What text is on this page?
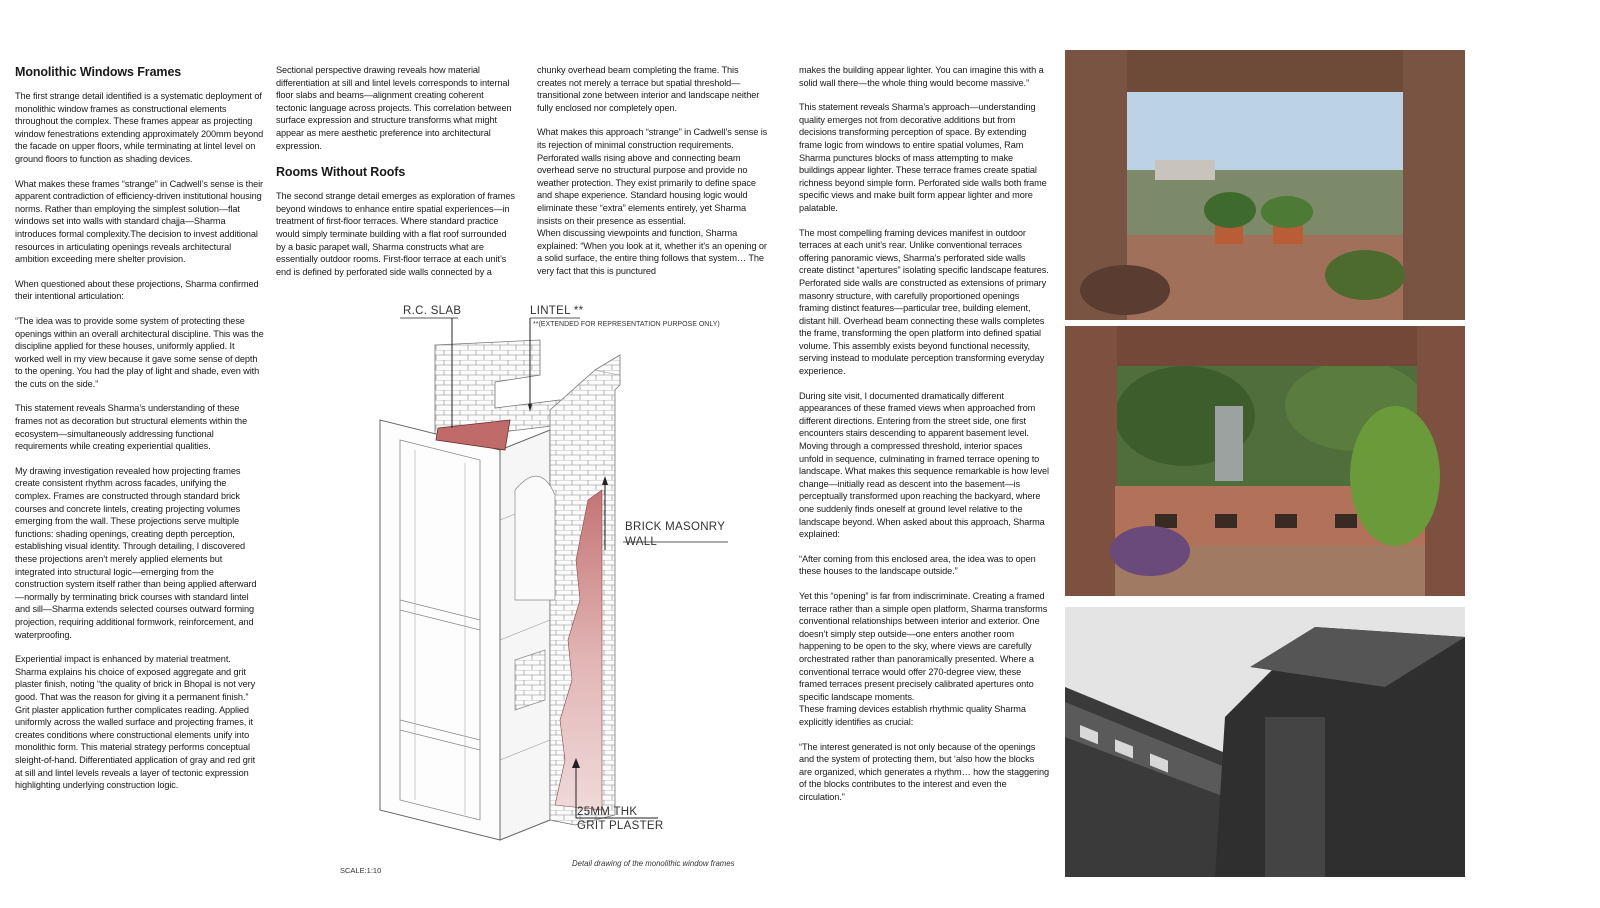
Monolithic Windows Frames

The first strange detail identified is a systematic deployment of monolithic window frames as constructional elements throughout the complex. These frames appear as projecting window fenestrations extending approximately 200mm beyond the facade on upper floors, while terminating at lintel level on ground floors to function as shading devices.

What makes these frames “strange” in Cadwell’s sense is their apparent contradiction of efficiency-driven institutional housing norms. Rather than employing the simplest solution—flat windows set into walls with standard chajja—Sharma introduces formal complexity.The decision to invest additional resources in articulating openings reveals architectural ambition exceeding mere shelter provision.

When questioned about these projections, Sharma confirmed their intentional articulation:

“The idea was to provide some system of protecting these openings within an overall architectural discipline. This was the discipline applied for these houses, uniformly applied. It worked well in my view because it gave some sense of depth to the opening. You had the play of light and shade, even with the cuts on the side.”

This statement reveals Sharma’s understanding of these frames not as decoration but structural elements within the ecosystem—simultaneously addressing functional requirements while creating experiential qualities.

My drawing investigation revealed how projecting frames create consistent rhythm across facades, unifying the complex. Frames are constructed through standard brick courses and concrete lintels, creating projecting volumes emerging from the wall. These projections serve multiple functions: shading openings, creating depth perception, establishing visual identity. Through detailing, I discovered these projections aren’t merely applied elements but integrated into structural logic—emerging from the construction system itself rather than being applied afterward—normally by terminating brick courses with standard lintel and sill—Sharma extends selected courses outward forming projection, requiring additional formwork, reinforcement, and waterproofing.

Experiential impact is enhanced by material treatment. Sharma explains his choice of exposed aggregate and grit plaster finish, noting “the quality of brick in Bhopal is not very good. That was the reason for giving it a permanent finish.” Grit plaster application further complicates reading. Applied uniformly across the walled surface and projecting frames, it creates conditions where constructional elements unify into monolithic form. This material strategy performs conceptual sleight-of-hand. Differentiated application of gray and red grit at sill and lintel levels reveals a layer of tectonic expression highlighting underlying construction logic.

Sectional perspective drawing reveals how material differentiation at sill and lintel levels corresponds to internal floor slabs and beams—alignment creating coherent tectonic language across projects. This correlation between surface expression and structure transforms what might appear as mere aesthetic preference into architectural expression.

Rooms Without Roofs

The second strange detail emerges as exploration of frames beyond windows to enhance entire spatial experiences—in treatment of first-floor terraces. Where standard practice would simply terminate building with a flat roof surrounded by a basic parapet wall, Sharma constructs what are essentially outdoor rooms. First-floor terrace at each unit’s end is defined by perforated side walls connected by a

chunky overhead beam completing the frame. This creates not merely a terrace but spatial threshold—transitional zone between interior and landscape neither fully enclosed nor completely open.

What makes this approach “strange” in Cadwell’s sense is its rejection of minimal construction requirements. Perforated walls rising above and connecting beam overhead serve no structural purpose and provide no weather protection. They exist primarily to define space and shape experience. Standard housing logic would eliminate these “extra” elements entirely, yet Sharma insists on their presence as essential.

When discussing viewpoints and function, Sharma explained: “When you look at it, whether it’s an opening or a solid surface, the entire thing follows that system… The very fact that this is punctured

makes the building appear lighter. You can imagine this with a solid wall there—the whole thing would become massive.”

This statement reveals Sharma’s approach—understanding quality emerges not from decorative additions but from decisions transforming perception of space. By extending frame logic from windows to entire spatial volumes, Ram Sharma punctures blocks of mass attempting to make buildings appear lighter. These terrace frames create spatial richness beyond simple form. Perforated side walls both frame specific views and make built form appear lighter and more palatable.

The most compelling framing devices manifest in outdoor terraces at each unit’s rear. Unlike conventional terraces offering panoramic views, Sharma’s perforated side walls create distinct “apertures” isolating specific landscape features. Perforated side walls are constructed as extensions of primary masonry structure, with carefully proportioned openings framing distinct features—particular tree, building element, distant hill. Overhead beam connecting these walls completes the frame, transforming the open platform into defined spatial volume. This assembly exists beyond functional necessity, serving instead to modulate perception transforming everyday experience.

During site visit, I documented dramatically different appearances of these framed views when approached from different directions. Entering from the street side, one first encounters stairs descending to apparent basement level. Moving through a compressed threshold, interior spaces unfold in sequence, culminating in framed terrace opening to landscape. What makes this sequence remarkable is how level change—initially read as descent into the basement—is perceptually transformed upon reaching the backyard, where one suddenly finds oneself at ground level relative to the landscape beyond. When asked about this approach, Sharma explained:

“After coming from this enclosed area, the idea was to open these houses to the landscape outside.”

Yet this “opening” is far from indiscriminate. Creating a framed terrace rather than a simple open platform, Sharma transforms conventional relationships between interior and exterior. One doesn’t simply step outside—one enters another room happening to be open to the sky, where views are carefully orchestrated rather than panoramically presented. Where a conventional terrace would offer 270-degree view, these framed terraces present precisely calibrated apertures onto specific landscape moments.

These framing devices establish rhythmic quality Sharma explicitly identifies as crucial:

“The interest generated is not only because of the openings and the system of protecting them, but ‘also how the blocks are organized, which generates a rhythm… how the staggering of the blocks contributes to the interest and even the circulation.”

R.C. SLAB	LINTEL **
**(EXTENDED FOR REPRESENTATION PURPOSE ONLY)
BRICK MASONRY
WALL
25MM THK
GRIT PLASTER
SCALE:1:10
Detail drawing of the monolithic window frames
